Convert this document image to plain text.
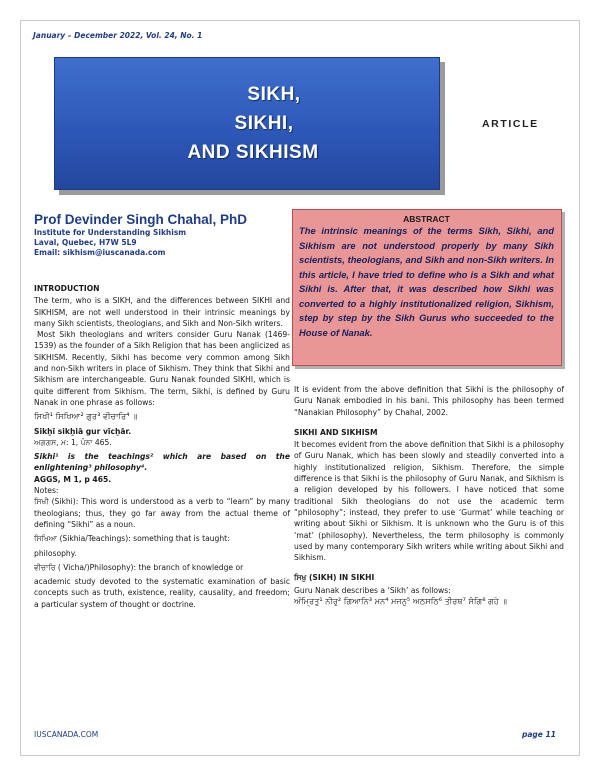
January – December 2022, Vol. 24, No. 1
SIKH,
SIKHI,
AND SIKHISM
ARTICLE
Prof Devinder Singh Chahal, PhD
Institute for Understanding Sikhism
Laval, Quebec, H7W 5L9
Email: sikhism@iuscanada.com
ABSTRACT
The intrinsic meanings of the terms Sikh, Sikhi, and Sikhism are not understood properly by many Sikh scientists, theologians, and Sikh and non-Sikh writers. In this article, I have tried to define who is a Sikh and what Sikhi is. After that, it was described how Sikhi was converted to a highly institutionalized religion, Sikhism, step by step by the Sikh Gurus who succeeded to the House of Nanak.
INTRODUCTION

The term, who is a SIKH, and the differences between SIKHI and SIKHISM, are not well understood in their intrinsic meanings by many Sikh scientists, theologians, and Sikh and Non-Sikh writers.

Most Sikh theologians and writers consider Guru Nanak (1469-1539) as the founder of a Sikh Religion that has been anglicized as SIKHISM. Recently, Sikhi has become very common among Sikh and non-Sikh writers in place of Sikhism. They think that Sikhi and Sikhism are interchangeable. Guru Nanak founded SIKHI, which is quite different from Sikhism. The term, Sikhi, is defined by Guru Nanak in one phrase as follows:

ਸਿਖੀ¹ ਸਿਖਿਆ² ਗੁਰ³ ਵੀਚਾਰਿ⁴ ॥

Sikẖī sikẖiā gur vīcẖār.

ਅਗਗਸ, ਮ: 1, ਪੰਨਾ 465.

Sikhi¹ is the teachings² which are based on the enlightening³ philosophy⁴.

AGGS, M 1, p 465.

Notes:

ਸਿਖੀ (Sikhi): This word is understood as a verb to “learn” by many theologians; thus, they go far away from the actual theme of defining “Sikhi” as a noun.

ਸਿਖਿਆ (Sikhia/Teachings): something that is taught:

philosophy.

ਵੀਚਾਰਿ ( Vicha/)Philosophy): the branch of knowledge or

academic study devoted to the systematic examination of basic concepts such as truth, existence, reality, causality, and freedom; a particular system of thought or doctrine.

It is evident from the above definition that Sikhi is the philosophy of Guru Nanak embodied in his bani. This philosophy has been termed “Nanakian Philosophy” by Chahal, 2002.

SIKHI AND SIKHISM

It becomes evident from the above definition that Sikhi is a philosophy of Guru Nanak, which has been slowly and steadily converted into a highly institutionalized religion, Sikhism. Therefore, the simple difference is that Sikhi is the philosophy of Guru Nanak, and Sikhism is a religion developed by his followers. I have noticed that some traditional Sikh theologians do not use the academic term “philosophy”; instead, they prefer to use ‘Gurmat’ while teaching or writing about Sikhi or Sikhism. It is unknown who the Guru is of this ‘mat’ (philosophy). Nevertheless, the term philosophy is commonly used by many contemporary Sikh writers while writing about Sikhi and Sikhism.

ਸਿਖੁ (SIKH) IN SIKHI

Guru Nanak describes a ‘Sikh’ as follows:

ਅੰਮ੍ਰਿਤੁ¹ ਨੀਰੁ² ਗਿਆਨਿ³ ਮਨ⁴ ਮਜਨੁ⁵ ਅਠਸਠਿ⁶ ਤੀਰਥ⁷ ਸੰਗਿ⁸ ਗਹੇ ॥

IUSCANADA.COM	page 11
